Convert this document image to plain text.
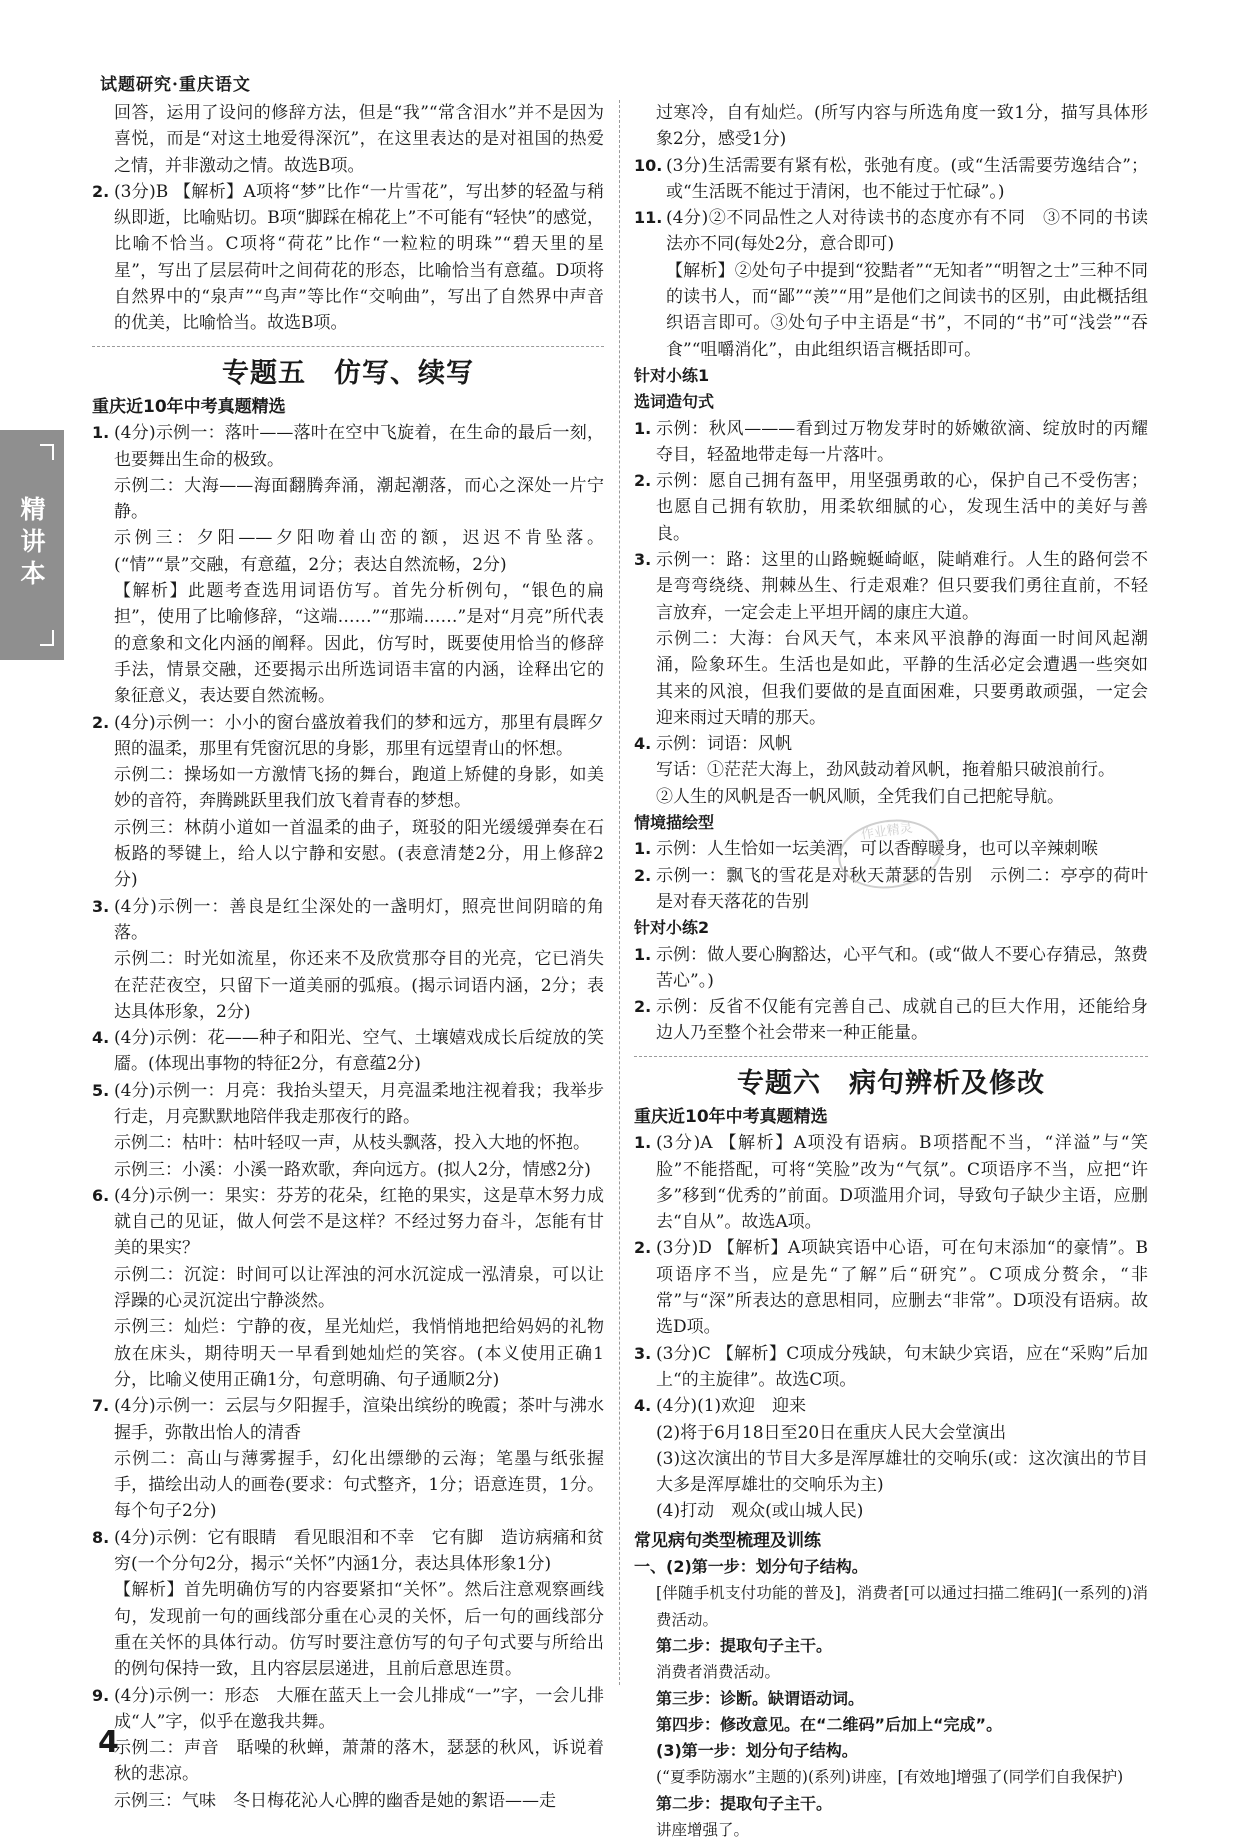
试题研究·重庆语文
精讲本

回答，运用了设问的修辞方法，但是“我”“常含泪水”并不是因为喜悦，而是“对这土地爱得深沉”，在这里表达的是对祖国的热爱之情，并非激动之情。故选B项。

2. (3分)B 【解析】A项将“梦”比作“一片雪花”，写出梦的轻盈与稍纵即逝，比喻贴切。B项“脚踩在棉花上”不可能有“轻快”的感觉，比喻不恰当。C项将“荷花”比作“一粒粒的明珠”“碧天里的星星”，写出了层层荷叶之间荷花的形态，比喻恰当有意蕴。D项将自然界中的“泉声”“鸟声”等比作“交响曲”，写出了自然界中声音的优美，比喻恰当。故选B项。
专题五　仿写、续写
重庆近10年中考真题精选
1. (4分)示例一：落叶——落叶在空中飞旋着，在生命的最后一刻，也要舞出生命的极致。
示例二：大海——海面翻腾奔涌，潮起潮落，而心之深处一片宁静。
示例三：夕阳——夕阳吻着山峦的额，迟迟不肯坠落。(“情”“景”交融，有意蕴，2分；表达自然流畅，2分)
【解析】此题考查选用词语仿写。首先分析例句，“银色的扁担”，使用了比喻修辞，“这端……”“那端……”是对“月亮”所代表的意象和文化内涵的阐释。因此，仿写时，既要使用恰当的修辞手法，情景交融，还要揭示出所选词语丰富的内涵，诠释出它的象征意义，表达要自然流畅。
2. (4分)示例一：小小的窗台盛放着我们的梦和远方，那里有晨晖夕照的温柔，那里有凭窗沉思的身影，那里有远望青山的怀想。
示例二：操场如一方激情飞扬的舞台，跑道上矫健的身影，如美妙的音符，奔腾跳跃里我们放飞着青春的梦想。
示例三：林荫小道如一首温柔的曲子，斑驳的阳光缓缓弹奏在石板路的琴键上，给人以宁静和安慰。(表意清楚2分，用上修辞2分)
3. (4分)示例一：善良是红尘深处的一盏明灯，照亮世间阴暗的角落。
示例二：时光如流星，你还来不及欣赏那夺目的光亮，它已消失在茫茫夜空，只留下一道美丽的弧痕。(揭示词语内涵，2分；表达具体形象，2分)
4. (4分)示例：花——种子和阳光、空气、土壤嬉戏成长后绽放的笑靥。(体现出事物的特征2分，有意蕴2分)
5. (4分)示例一：月亮：我抬头望天，月亮温柔地注视着我；我举步行走，月亮默默地陪伴我走那夜行的路。
示例二：枯叶：枯叶轻叹一声，从枝头飘落，投入大地的怀抱。
示例三：小溪：小溪一路欢歌，奔向远方。(拟人2分，情感2分)
6. (4分)示例一：果实：芬芳的花朵，红艳的果实，这是草木努力成就自己的见证，做人何尝不是这样？不经过努力奋斗，怎能有甘美的果实？
示例二：沉淀：时间可以让浑浊的河水沉淀成一泓清泉，可以让浮躁的心灵沉淀出宁静淡然。
示例三：灿烂：宁静的夜，星光灿烂，我悄悄地把给妈妈的礼物放在床头，期待明天一早看到她灿烂的笑容。(本义使用正确1分，比喻义使用正确1分，句意明确、句子通顺2分)
7. (4分)示例一：云层与夕阳握手，渲染出缤纷的晚霞；茶叶与沸水握手，弥散出怡人的清香
示例二：高山与薄雾握手，幻化出缥缈的云海；笔墨与纸张握手，描绘出动人的画卷(要求：句式整齐，1分；语意连贯，1分。每个句子2分)
8. (4分)示例：它有眼睛　看见眼泪和不幸　它有脚　造访病痛和贫穷(一个分句2分，揭示“关怀”内涵1分，表达具体形象1分)
【解析】首先明确仿写的内容要紧扣“关怀”。然后注意观察画线句，发现前一句的画线部分重在心灵的关怀，后一句的画线部分重在关怀的具体行动。仿写时要注意仿写的句子句式要与所给出的例句保持一致，且内容层层递进，且前后意思连贯。
9. (4分)示例一：形态　大雁在蓝天上一会儿排成“一”字，一会儿排成“人”字，似乎在邀我共舞。
示例二：声音　聒噪的秋蝉，萧萧的落木，瑟瑟的秋风，诉说着秋的悲凉。
示例三：气味　冬日梅花沁人心脾的幽香是她的絮语——走

过寒冷，自有灿烂。(所写内容与所选角度一致1分，描写具体形象2分，感受1分)

10. (3分)生活需要有紧有松，张弛有度。(或“生活需要劳逸结合”；或“生活既不能过于清闲，也不能过于忙碌”。)
11. (4分)②不同品性之人对待读书的态度亦有不同　③不同的书读法亦不同(每处2分，意合即可)
【解析】②处句子中提到“狡黠者”“无知者”“明智之士”三种不同的读书人，而“鄙”“羡”“用”是他们之间读书的区别，由此概括组织语言即可。③处句子中主语是“书”，不同的“书”可“浅尝”“吞食”“咀嚼消化”，由此组织语言概括即可。
针对小练1
选词造句式
1. 示例：秋风———看到过万物发芽时的娇嫩欲滴、绽放时的丙耀夺目，轻盈地带走每一片落叶。
2. 示例：愿自己拥有盔甲，用坚强勇敢的心，保护自己不受伤害；也愿自己拥有软肋，用柔软细腻的心，发现生活中的美好与善良。
3. 示例一：路：这里的山路蜿蜒崎岖，陡峭难行。人生的路何尝不是弯弯绕绕、荆棘丛生、行走艰难？但只要我们勇往直前，不轻言放弃，一定会走上平坦开阔的康庄大道。
示例二：大海：台风天气，本来风平浪静的海面一时间风起潮涌，险象环生。生活也是如此，平静的生活必定会遭遇一些突如其来的风浪，但我们要做的是直面困难，只要勇敢顽强，一定会迎来雨过天晴的那天。
4. 示例：词语：风帆
写话：①茫茫大海上，劲风鼓动着风帆，拖着船只破浪前行。
②人生的风帆是否一帆风顺，全凭我们自己把舵导航。
情境描绘型
1. 示例：人生恰如一坛美酒，可以香醇暖身，也可以辛辣刺喉
2. 示例一：飘飞的雪花是对秋天萧瑟的告别　示例二：亭亭的荷叶是对春天落花的告别
针对小练2
1. 示例：做人要心胸豁达，心平气和。(或“做人不要心存猜忌，煞费苦心”。)
2. 示例：反省不仅能有完善自己、成就自己的巨大作用，还能给身边人乃至整个社会带来一种正能量。
专题六　病句辨析及修改
重庆近10年中考真题精选
1. (3分)A 【解析】A项没有语病。B项搭配不当，“洋溢”与“笑脸”不能搭配，可将“笑脸”改为“气氛”。C项语序不当，应把“许多”移到“优秀的”前面。D项滥用介词，导致句子缺少主语，应删去“自从”。故选A项。
2. (3分)D 【解析】A项缺宾语中心语，可在句末添加“的豪情”。B项语序不当，应是先“了解”后“研究”。C项成分赘余，“非常”与“深”所表达的意思相同，应删去“非常”。D项没有语病。故选D项。
3. (3分)C 【解析】C项成分残缺，句末缺少宾语，应在“采购”后加上“的主旋律”。故选C项。
4. (4分)(1)欢迎　迎来
(2)将于6月18日至20日在重庆人民大会堂演出
(3)这次演出的节目大多是浑厚雄壮的交响乐(或：这次演出的节目大多是浑厚雄壮的交响乐为主)
(4)打动　观众(或山城人民)
常见病句类型梳理及训练
一、(2)第一步：划分句子结构。
[伴随手机支付功能的普及]，消费者[可以通过扫描二维码](一系列的)消费活动。
第二步：提取句子主干。
消费者消费活动。
第三步：诊断。缺谓语动词。
第四步：修改意见。在“二维码”后加上“完成”。
(3)第一步：划分句子结构。
(“夏季防溺水”主题的)(系列)讲座，[有效地]增强了(同学们自我保护)
第二步：提取句子主干。
讲座增强了。
作业精灵
4
